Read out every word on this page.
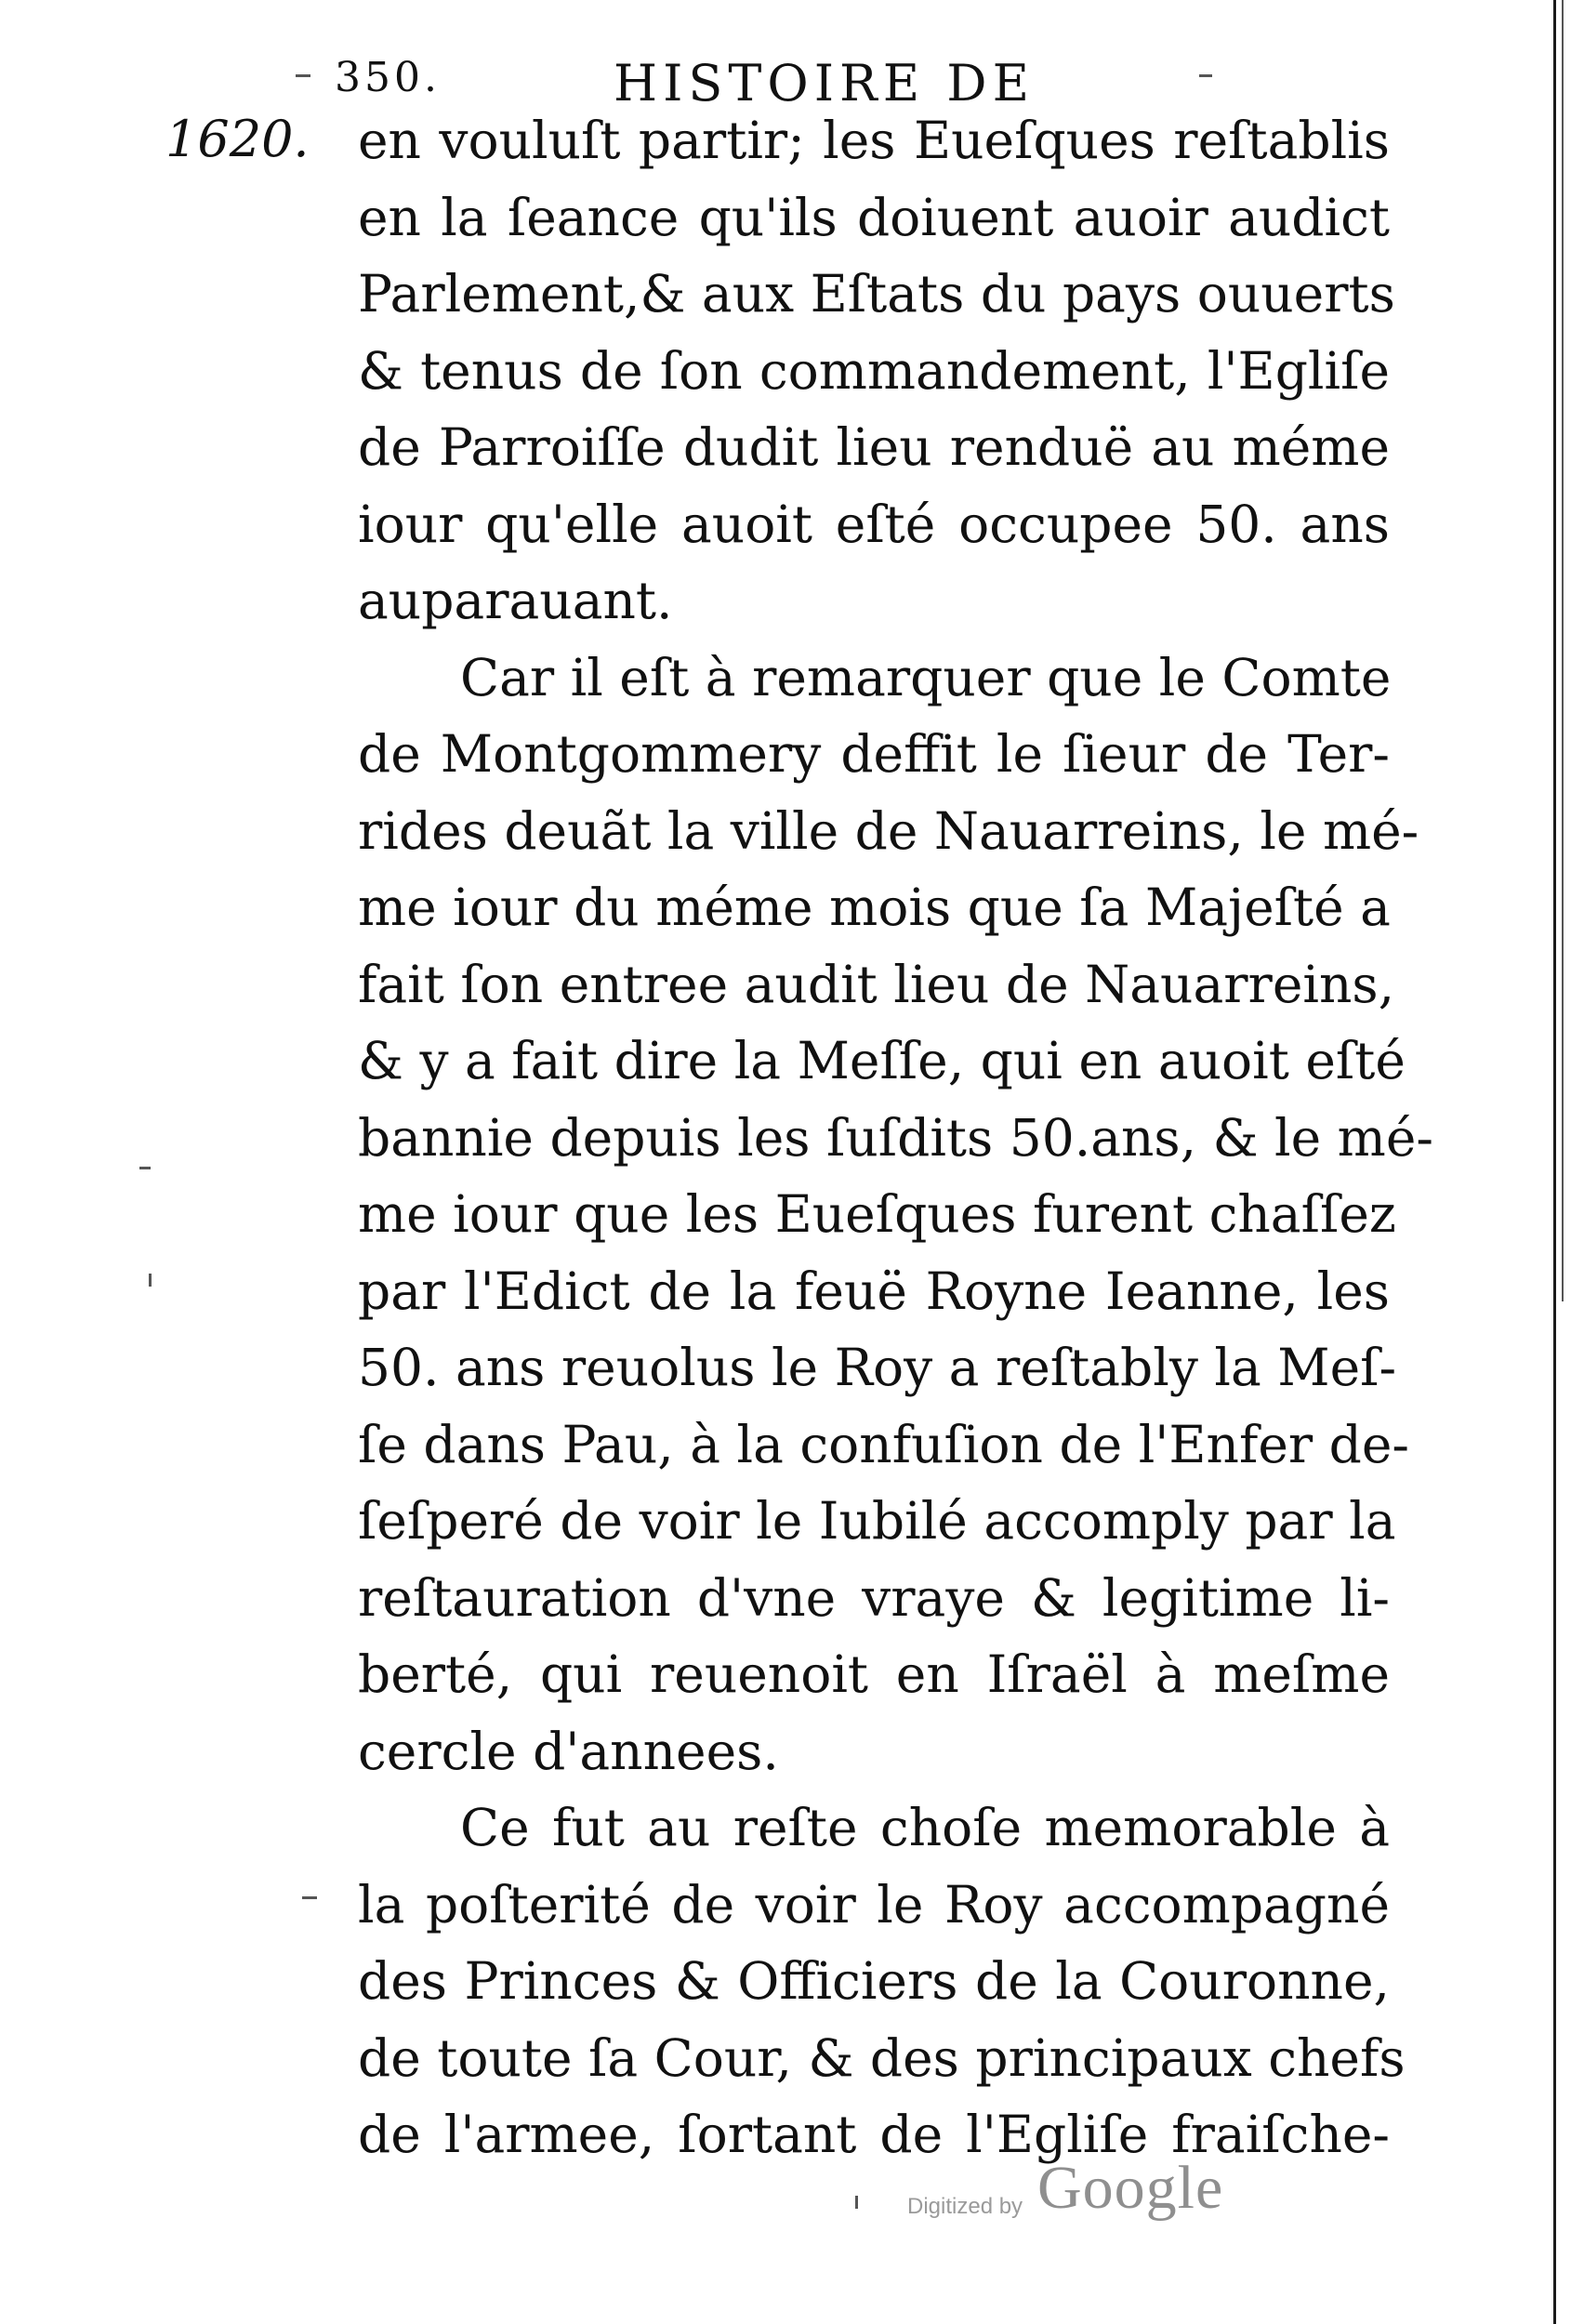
350.	HISTOIRE DE
1620. en vouluſt partir; les Eueſques reſtablis
en la ſeance qu'ils doiuent auoir audict
Parlement,& aux Eſtats du pays ouuerts
& tenus de ſon commandement, l'Egliſe
de Parroiſſe dudit lieu renduë au méme
iour qu'elle auoit eſté occupee 50. ans
auparauant.
Car il eſt à remarquer que le Comte
de Montgommery deffit le ſieur de Ter-
rides deuãt la ville de Nauarreins, le mé-
me iour du méme mois que ſa Majeſté a
fait ſon entree audit lieu de Nauarreins,
& y a fait dire la Meſſe, qui en auoit eſté
bannie depuis les ſuſdits 50.ans, & le mé-
me iour que les Eueſques furent chaſſez
par l'Edict de la feuë Royne Ieanne, les
50. ans reuolus le Roy a reſtably la Meſ-
ſe dans Pau, à la confuſion de l'Enfer de-
ſeſperé de voir le Iubilé accomply par la
reſtauration d'vne vraye & legitime li-
berté, qui reuenoit en Iſraël à meſme
cercle d'annees.
Ce fut au reſte choſe memorable à
la poſterité de voir le Roy accompagné
des Princes & Officiers de la Couronne,
de toute ſa Cour, & des principaux chefs
de l'armee, ſortant de l'Egliſe fraiſche-
Digitized by Google
